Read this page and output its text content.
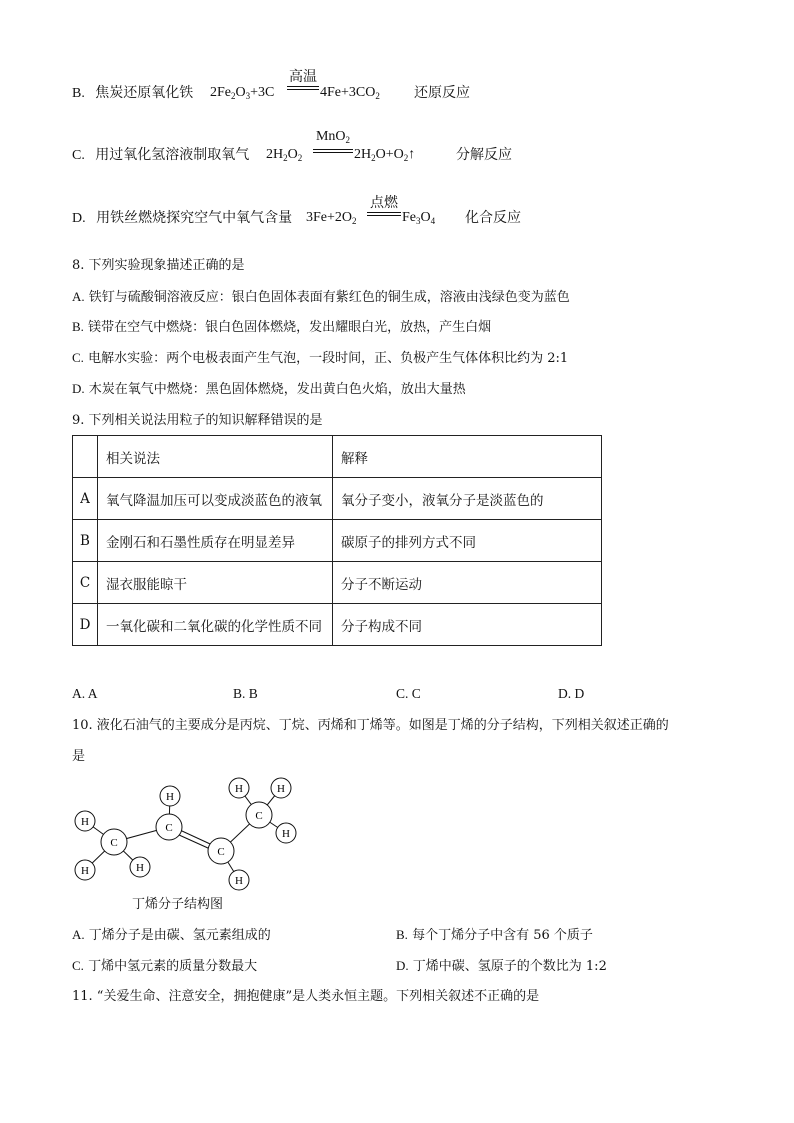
B. 焦炭还原氧化铁 $2Fe_2O_3+3C$
高温
$4Fe+3CO_2$ 还原反应
C. 用过氧化氢溶液制取氧气 $2H_2O_2$
MnO$_2$
$2H_2O+O_2↑$	分解反应
D. 用铁丝燃烧探究空气中氧气含量 $3Fe+2O_2$
点燃
$Fe_3O_4$ 化合反应
8. 下列实验现象描述正确的是
A. 铁钉与硫酸铜溶液反应：银白色固体表面有紫红色的铜生成，溶液由浅绿色变为蓝色
B. 镁带在空气中燃烧：银白色固体燃烧，发出耀眼白光，放热，产生白烟
C. 电解水实验：两个电极表面产生气泡，一段时间，正、负极产生气体体积比约为 2:1
D. 木炭在氧气中燃烧：黑色固体燃烧，发出黄白色火焰，放出大量热
9. 下列相关说法用粒子的知识解释错误的是
	相关说法	解释
A	氧气降温加压可以变成淡蓝色的液氧	氧分子变小，液氧分子是淡蓝色的
B	金刚石和石墨性质存在明显差异	碳原子的排列方式不同
C	湿衣服能晾干	分子不断运动
D	一氧化碳和二氧化碳的化学性质不同	分子构成不同
A. A	B. B	C. C	D. D
10. 液化石油气的主要成分是丙烷、丁烷、丙烯和丁烯等。如图是丁烯的分子结构，下列相关叙述正确的
是
H
H
C
H
C
H
C
H
C
H	H
H
丁烯分子结构图
A. 丁烯分子是由碳、氢元素组成的	B. 每个丁烯分子中含有 56 个质子
C. 丁烯中氢元素的质量分数最大	D. 丁烯中碳、氢原子的个数比为 1:2
11. “关爱生命、注意安全，拥抱健康”是人类永恒主题。下列相关叙述不正确的是
